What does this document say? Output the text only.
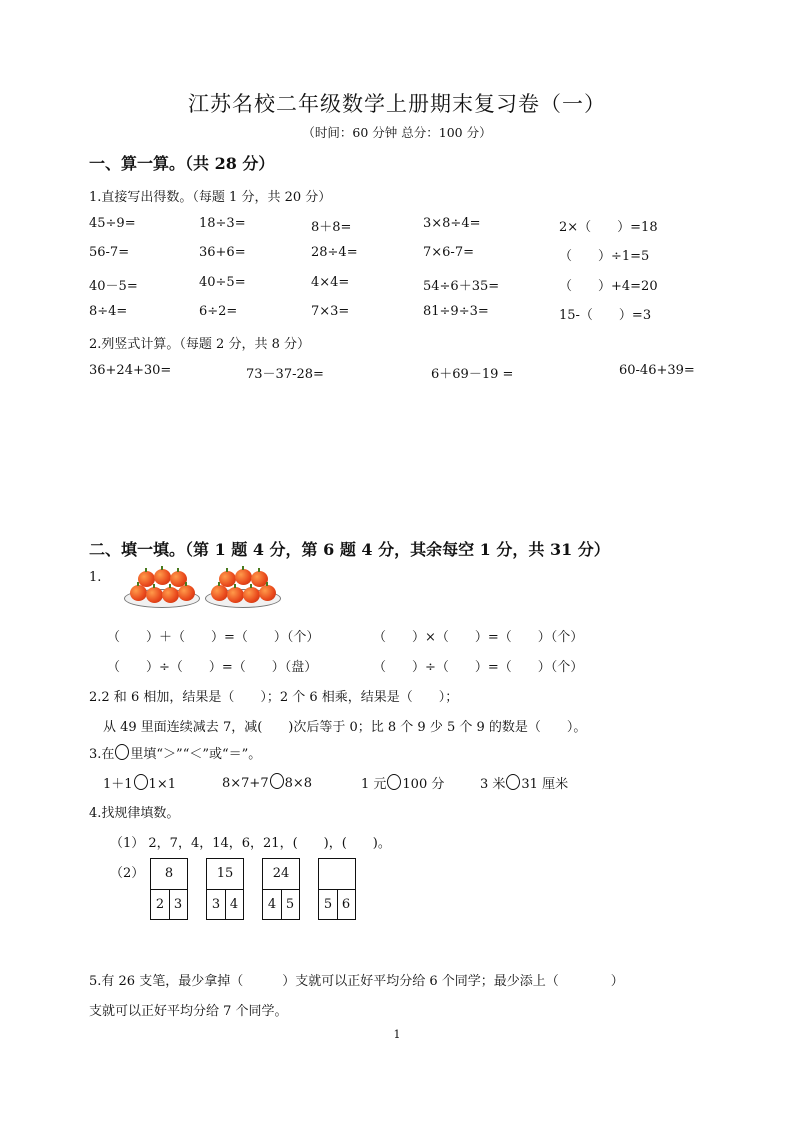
江苏名校二年级数学上册期末复习卷（一）
（时间：60 分钟 总分：100 分）
一、算一算。（共 28 分）
1.直接写出得数。（每题 1 分，共 20 分）
45÷9=	18÷3=	8＋8=	3×8÷4=	2×（　　）=18
56-7=	36+6=	28÷4=	7×6-7=	（　　）÷1=5
40－5=	40÷5=	4×4=	54÷6＋35=	（　　）+4=20
8÷4=	6÷2=	7×3=	81÷9÷3=	15-（　　）=3
2.列竖式计算。（每题 2 分，共 8 分）
36+24+30=	73－37-28=	6＋69－19 =	60-46+39=
二、填一填。（第 1 题 4 分，第 6 题 4 分，其余每空 1 分，共 31 分）
1.
（　　）＋（　　）=（　　）（个）	（　　）×（　　）=（　　）（个）
（　　）÷（　　）=（　　）（盘）	（　　）÷（　　）=（　　）（个）
2.2 和 6 相加，结果是（　　）；2 个 6 相乘，结果是（　　）；
从 49 里面连续减去 7，减(　　)次后等于 0；比 8 个 9 少 5 个 9 的数是（　　）。
3.在 里填“＞”“＜”或“＝”。
1＋1 1×1	8×7+7 8×8	1 元 100 分	3 米 31 厘米
4.找规律填数。
（1） 2，7，4，14，6，21，(　　)，(　　)。
（2）	8
2 3
15
3 4
24
4 5	5 6
5.有 26 支笔，最少拿掉（　　　）支就可以正好平均分给 6 个同学；最少添上（　　　　）
支就可以正好平均分给 7 个同学。
1
